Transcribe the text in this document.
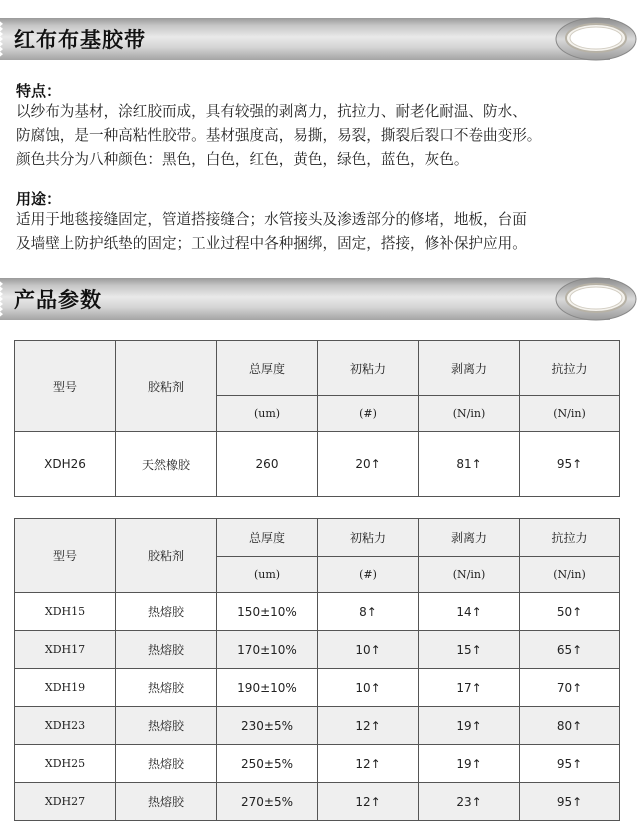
红布布基胶带
特点：
以纱布为基材，涂红胶而成，具有较强的剥离力，抗拉力、耐老化耐温、防水、
防腐蚀，是一种高粘性胶带。基材强度高，易撕，易裂，撕裂后裂口不卷曲变形。
颜色共分为八种颜色：黑色，白色，红色，黄色，绿色，蓝色，灰色。
用途：
适用于地毯接缝固定，管道搭接缝合；水管接头及渗透部分的修堵，地板，台面
及墙壁上防护纸垫的固定；工业过程中各种捆绑，固定，搭接，修补保护应用。
产品参数
型号	胶粘剂	总厚度	初粘力	剥离力	抗拉力
		(um)	(#)	(N/in)	(N/in)
XDH26	天然橡胶	260	20↑	81↑	95↑
型号	胶粘剂	总厚度	初粘力	剥离力	抗拉力
		(um)	(#)	(N/in)	(N/in)
XDH15	热熔胶	150±10%	8↑	14↑	50↑
XDH17	热熔胶	170±10%	10↑	15↑	65↑
XDH19	热熔胶	190±10%	10↑	17↑	70↑
XDH23	热熔胶	230±5%	12↑	19↑	80↑
XDH25	热熔胶	250±5%	12↑	19↑	95↑
XDH27	热熔胶	270±5%	12↑	23↑	95↑
